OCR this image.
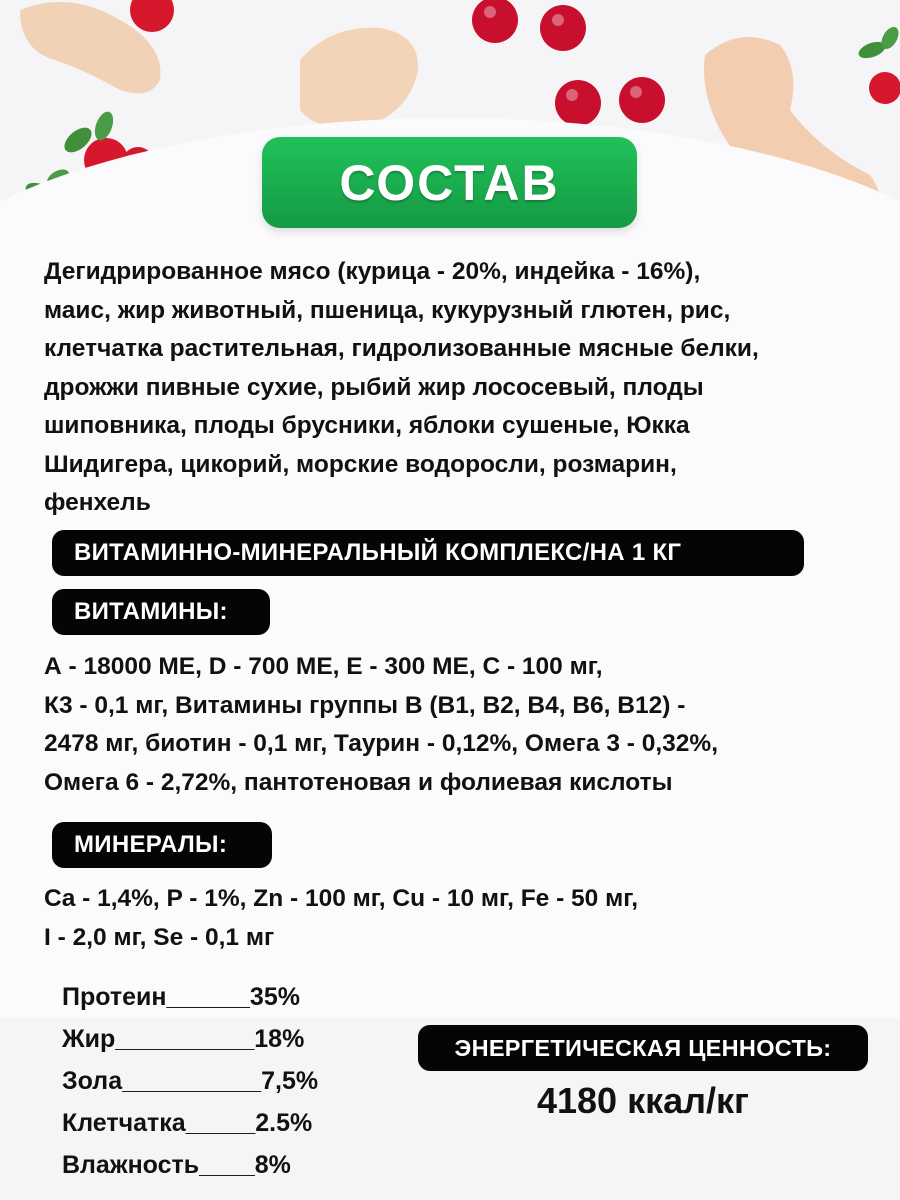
СОСТАВ
Дегидрированное мясо (курица - 20%, индейка - 16%),
маис, жир животный, пшеница, кукурузный глютен, рис,
клетчатка растительная, гидролизованные мясные белки,
дрожжи пивные сухие, рыбий жир лососевый, плоды
шиповника, плоды брусники, яблоки сушеные, Юкка
Шидигера, цикорий, морские водоросли, розмарин,
фенхель
ВИТАМИННО-МИНЕРАЛЬНЫЙ КОМПЛЕКС/НА 1 КГ
ВИТАМИНЫ:
А - 18000 МЕ, D - 700 МЕ, Е - 300 МЕ, С - 100 мг,
К3 - 0,1 мг, Витамины группы В (В1, В2, В4, В6, В12) -
2478 мг, биотин - 0,1 мг, Таурин - 0,12%, Омега 3 - 0,32%,
Омега 6 - 2,72%, пантотеновая и фолиевая кислоты
МИНЕРАЛЫ:
Ca - 1,4%, P - 1%, Zn - 100 мг, Cu - 10 мг, Fe - 50 мг,
I - 2,0 мг, Se - 0,1 мг
Протеин______35%
Жир__________18%
Зола__________7,5%
Клетчатка_____2.5%
Влажность____8%
ЭНЕРГЕТИЧЕСКАЯ ЦЕННОСТЬ:
4180 ккал/кг
